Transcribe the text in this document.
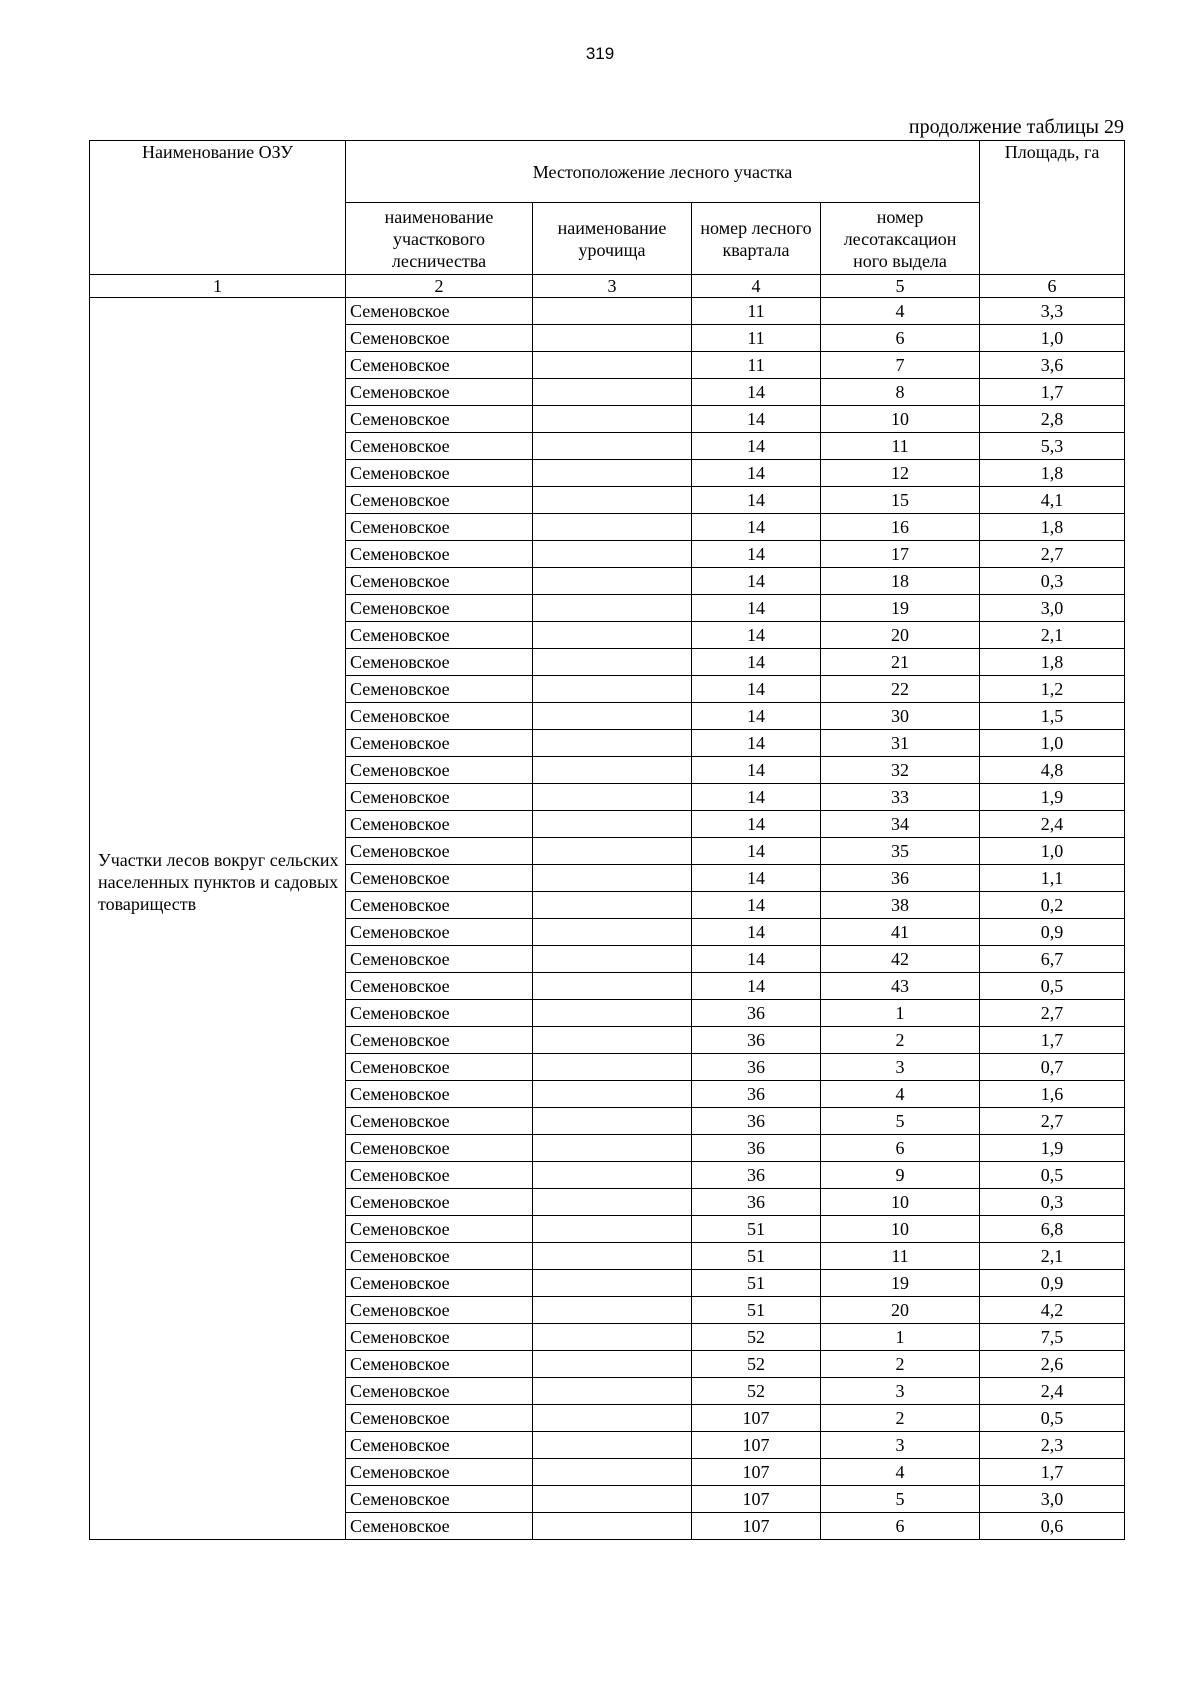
319
продолжение таблицы 29
Наименование ОЗУ	Местоположение лесного участка				Площадь, га
	наименование участкового лесничества	наименование урочища	номер лесного квартала	номер лесотаксацион ного выдела	
1	2	3	4	5	6

Участки лесов вокруг сельских населенных пунктов и садовых товариществ	Семеновское		11	4	3,3
	Семеновское		11	6	1,0
	Семеновское		11	7	3,6
	Семеновское		14	8	1,7
	Семеновское		14	10	2,8
	Семеновское		14	11	5,3
	Семеновское		14	12	1,8
	Семеновское		14	15	4,1
	Семеновское		14	16	1,8
	Семеновское		14	17	2,7
	Семеновское		14	18	0,3
	Семеновское		14	19	3,0
	Семеновское		14	20	2,1
	Семеновское		14	21	1,8
	Семеновское		14	22	1,2
	Семеновское		14	30	1,5
	Семеновское		14	31	1,0
	Семеновское		14	32	4,8
	Семеновское		14	33	1,9
	Семеновское		14	34	2,4
	Семеновское		14	35	1,0
	Семеновское		14	36	1,1
	Семеновское		14	38	0,2
	Семеновское		14	41	0,9
	Семеновское		14	42	6,7
	Семеновское		14	43	0,5
	Семеновское		36	1	2,7
	Семеновское		36	2	1,7
	Семеновское		36	3	0,7
	Семеновское		36	4	1,6
	Семеновское		36	5	2,7
	Семеновское		36	6	1,9
	Семеновское		36	9	0,5
	Семеновское		36	10	0,3
	Семеновское		51	10	6,8
	Семеновское		51	11	2,1
	Семеновское		51	19	0,9
	Семеновское		51	20	4,2
	Семеновское		52	1	7,5
	Семеновское		52	2	2,6
	Семеновское		52	3	2,4
	Семеновское		107	2	0,5
	Семеновское		107	3	2,3
	Семеновское		107	4	1,7
	Семеновское		107	5	3,0
	Семеновское		107	6	0,6
